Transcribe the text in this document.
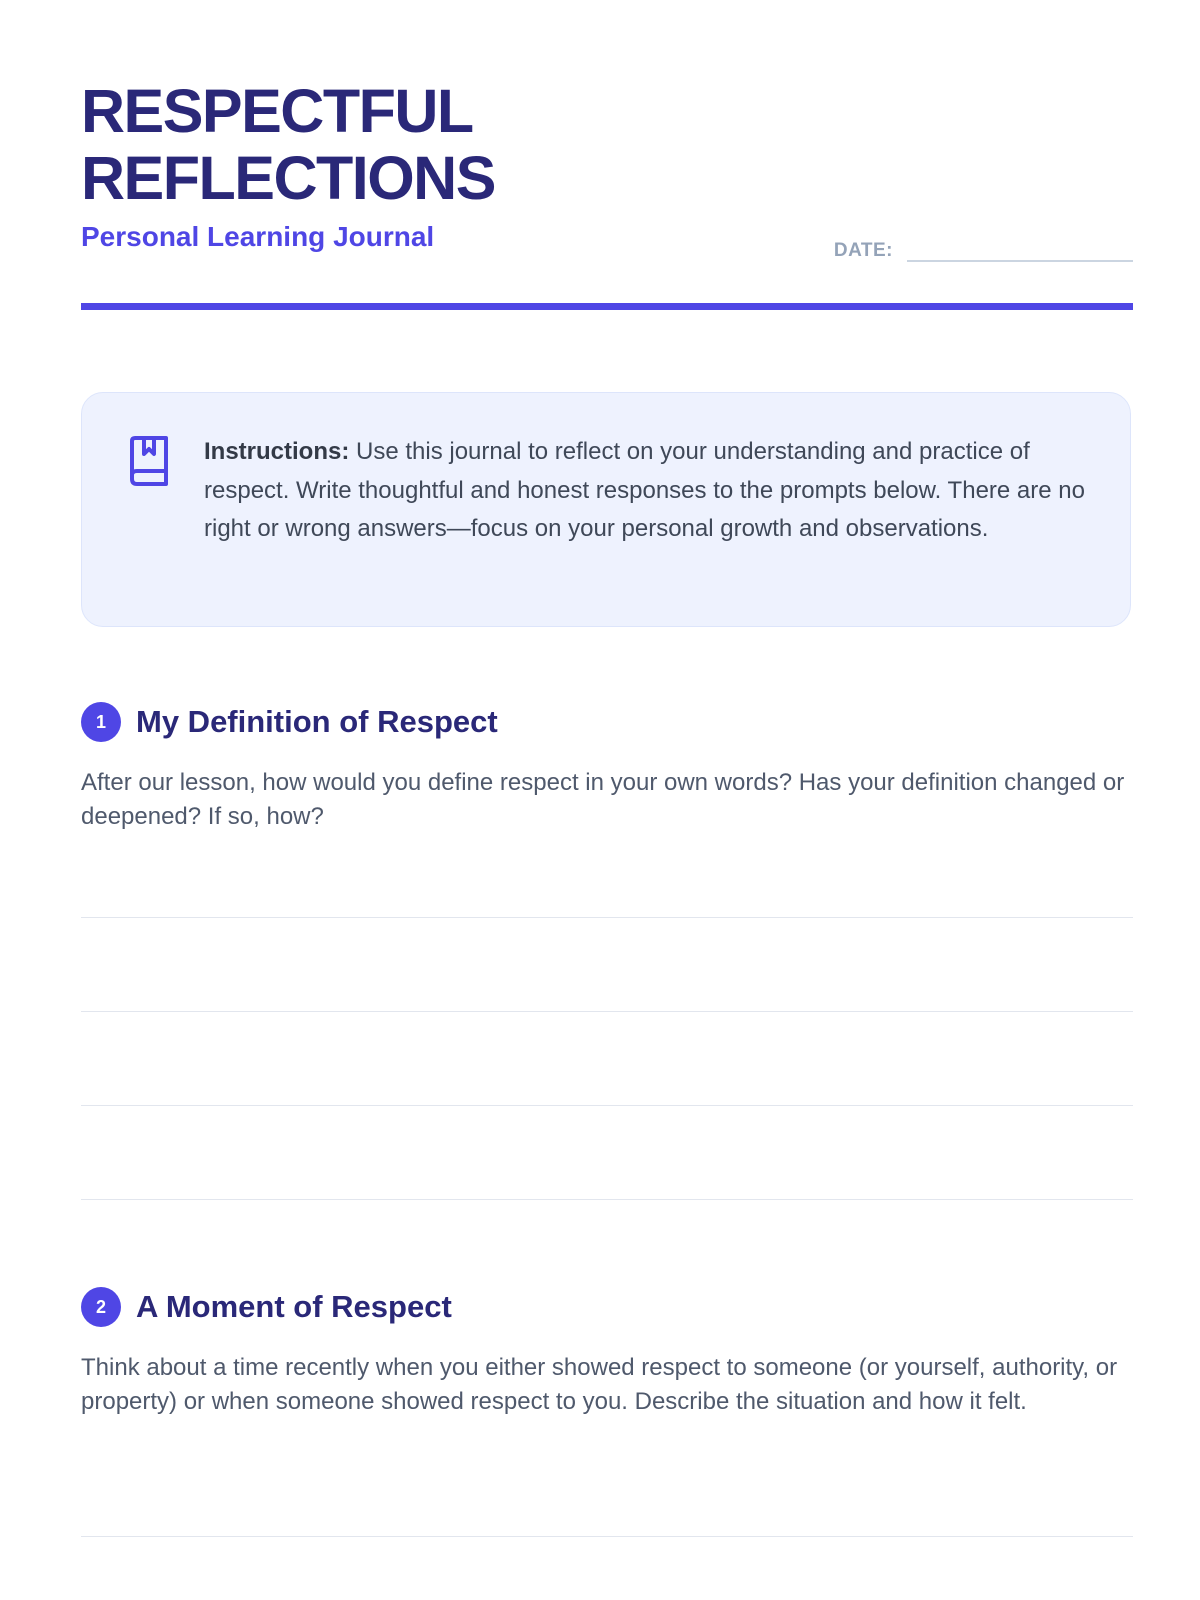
RESPECTFUL
REFLECTIONS
Personal Learning Journal	DATE:
Instructions: Use this journal to reflect on your understanding and practice of respect. Write thoughtful and honest responses to the prompts below. There are no right or wrong answers—focus on your personal growth and observations.
1 My Definition of Respect
After our lesson, how would you define respect in your own words? Has your definition changed or deepened? If so, how?
2 A Moment of Respect
Think about a time recently when you either showed respect to someone (or yourself, authority, or property) or when someone showed respect to you. Describe the situation and how it felt.
